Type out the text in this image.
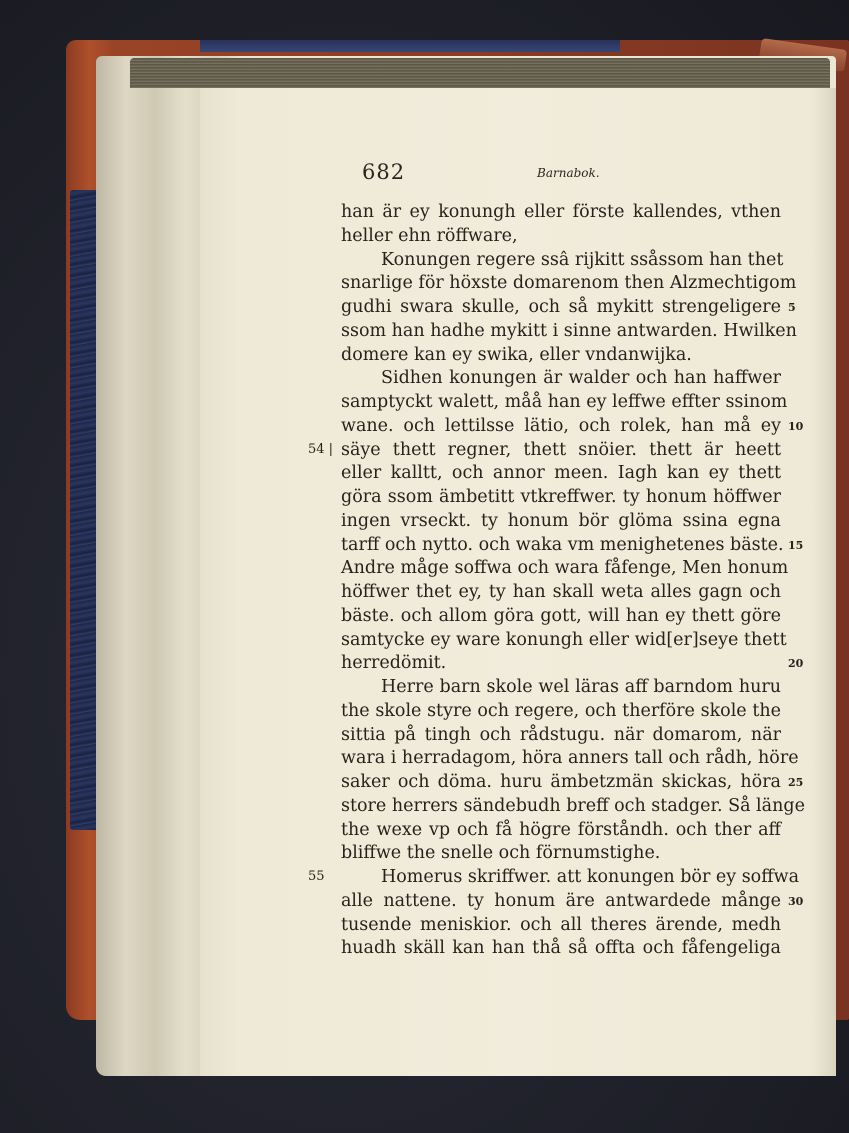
682	Barnabok.
han är ey konungh eller förste kallendes, vthen
heller ehn röffware,
Konungen regere ssâ rijkitt ssåssom han thet
snarlige för höxste domarenom then Alzmechtigom
gudhi swara skulle, och så mykitt strengeligere
ssom han hadhe mykitt i sinne antwarden. Hwilken
domere kan ey swika, eller vndanwijka.
Sidhen konungen är walder och han haffwer
samptyckt walett, måå han ey leffwe effter ssinom
wane. och lettilsse lätio, och rolek, han må ey
säye thett regner, thett snöier. thett är heett
eller kalltt, och annor meen. Iagh kan ey thett
göra ssom ämbetitt vtkreffwer. ty honum höffwer
ingen vrseckt. ty honum bör glöma ssina egna
tarff och nytto. och waka vm menighetenes bäste.
Andre måge soffwa och wara fåfenge, Men honum
höffwer thet ey, ty han skall weta alles gagn och
bäste. och allom göra gott, will han ey thett göre
samtycke ey ware konungh eller wid[er]seye thett
herredömit.
Herre barn skole wel läras aff barndom huru
the skole styre och regere, och therföre skole the
sittia på tingh och rådstugu. när domarom, när
wara i herradagom, höra anners tall och rådh, höre
saker och döma. huru ämbetzmän skickas, höra
store herrers sändebudh breff och stadger. Så länge
the wexe vp och få högre förståndh. och ther aff
bliffwe the snelle och förnumstighe.
Homerus skriffwer. att konungen bör ey soffwa
alle nattene. ty honum äre antwardede månge
tusende meniskior. och all theres ärende, medh
huadh skäll kan han thå så offta och fåfengeliga
5
10
15
20
25
30
54 |
55
